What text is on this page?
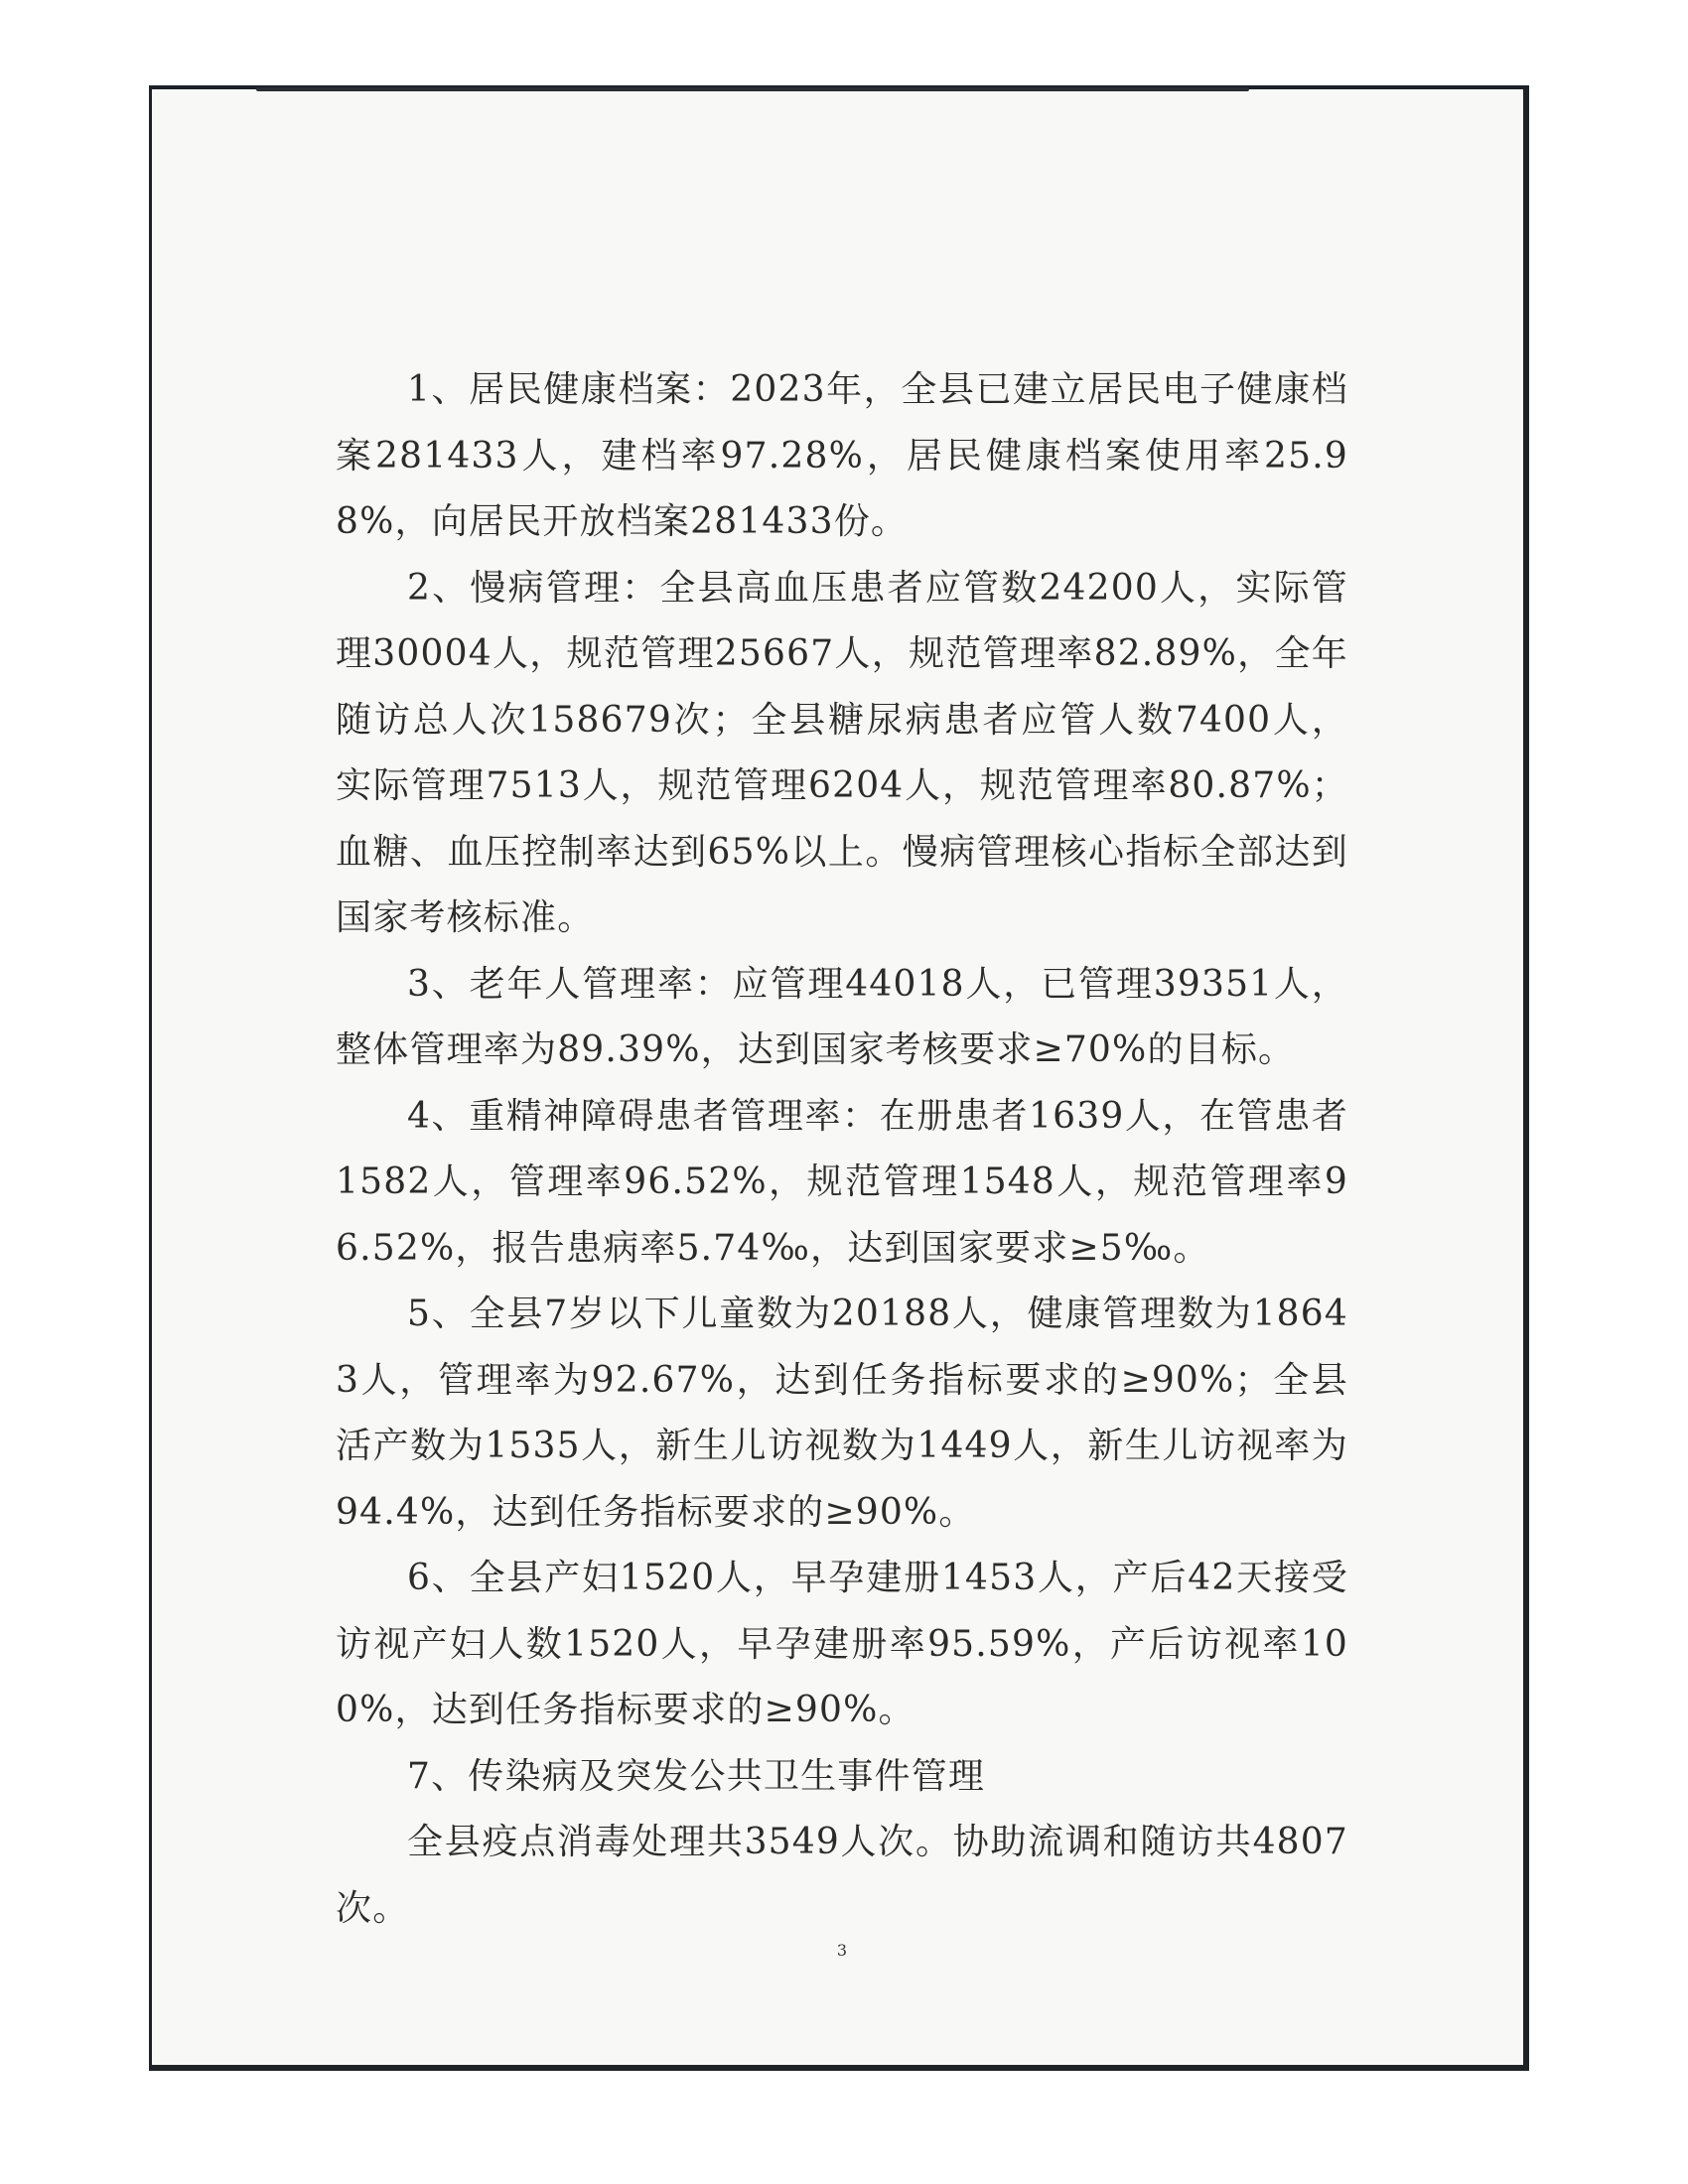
1、居民健康档案：2023年，全县已建立居民电子健康档案281433人，建档率97.28%，居民健康档案使用率25.98%，向居民开放档案281433份。

2、慢病管理：全县高血压患者应管数24200人，实际管理30004人，规范管理25667人，规范管理率82.89%，全年随访总人次158679次；全县糖尿病患者应管人数7400人，实际管理7513人，规范管理6204人，规范管理率80.87%；血糖、血压控制率达到65%以上。慢病管理核心指标全部达到国家考核标准。

3、老年人管理率：应管理44018人，已管理39351人，整体管理率为89.39%，达到国家考核要求≥70%的目标。

4、重精神障碍患者管理率：在册患者1639人，在管患者1582人，管理率96.52%，规范管理1548人，规范管理率96.52%，报告患病率5.74‰，达到国家要求≥5‰。

5、全县7岁以下儿童数为20188人，健康管理数为18643人，管理率为92.67%，达到任务指标要求的≥90%；全县活产数为1535人，新生儿访视数为1449人，新生儿访视率为94.4%，达到任务指标要求的≥90%。

6、全县产妇1520人，早孕建册1453人，产后42天接受访视产妇人数1520人，早孕建册率95.59%，产后访视率100%，达到任务指标要求的≥90%。

7、传染病及突发公共卫生事件管理

全县疫点消毒处理共3549人次。协助流调和随访共4807次。

3
